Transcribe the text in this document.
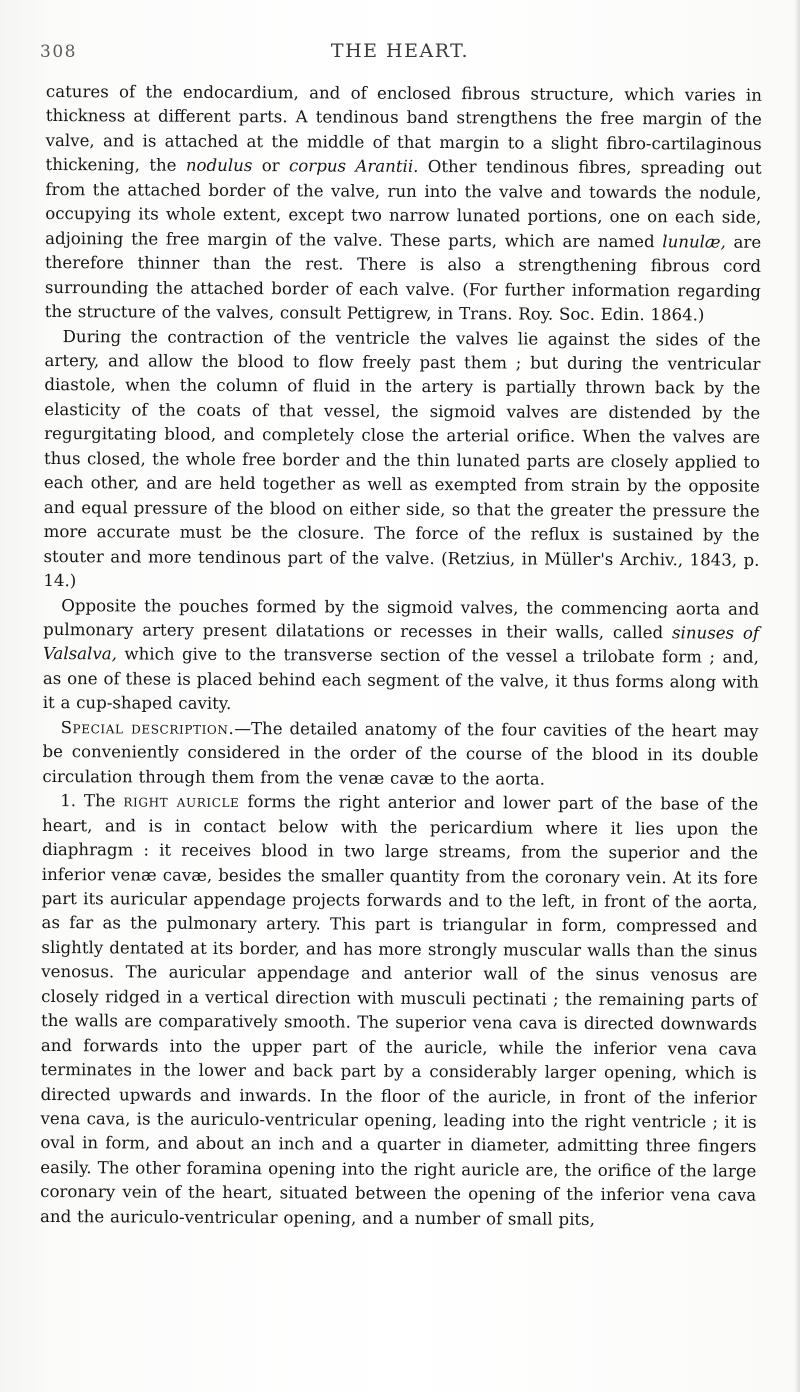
308	THE HEART.

catures of the endocardium, and of enclosed fibrous structure, which varies in thickness at different parts. A tendinous band strengthens the free margin of the valve, and is attached at the middle of that margin to a slight fibro-cartilaginous thickening, the nodulus or corpus Arantii. Other tendinous fibres, spreading out from the attached border of the valve, run into the valve and towards the nodule, occupying its whole extent, except two narrow lunated portions, one on each side, adjoining the free margin of the valve. These parts, which are named lunulæ, are therefore thinner than the rest. There is also a strengthening fibrous cord surrounding the attached border of each valve. (For further information regarding the structure of the valves, consult Pettigrew, in Trans. Roy. Soc. Edin. 1864.)

During the contraction of the ventricle the valves lie against the sides of the artery, and allow the blood to flow freely past them ; but during the ventricular diastole, when the column of fluid in the artery is partially thrown back by the elasticity of the coats of that vessel, the sigmoid valves are distended by the regurgitating blood, and completely close the arterial orifice. When the valves are thus closed, the whole free border and the thin lunated parts are closely applied to each other, and are held together as well as exempted from strain by the opposite and equal pressure of the blood on either side, so that the greater the pressure the more accurate must be the closure. The force of the reflux is sustained by the stouter and more tendinous part of the valve. (Retzius, in Müller's Archiv., 1843, p. 14.)

Opposite the pouches formed by the sigmoid valves, the commencing aorta and pulmonary artery present dilatations or recesses in their walls, called sinuses of Valsalva, which give to the transverse section of the vessel a trilobate form ; and, as one of these is placed behind each segment of the valve, it thus forms along with it a cup-shaped cavity.

Special description.—The detailed anatomy of the four cavities of the heart may be conveniently considered in the order of the course of the blood in its double circulation through them from the venæ cavæ to the aorta.

1. The right auricle forms the right anterior and lower part of the base of the heart, and is in contact below with the pericardium where it lies upon the diaphragm : it receives blood in two large streams, from the superior and the inferior venæ cavæ, besides the smaller quantity from the coronary vein. At its fore part its auricular appendage projects forwards and to the left, in front of the aorta, as far as the pulmonary artery. This part is triangular in form, compressed and slightly dentated at its border, and has more strongly muscular walls than the sinus venosus. The auricular appendage and anterior wall of the sinus venosus are closely ridged in a vertical direction with musculi pectinati ; the remaining parts of the walls are comparatively smooth. The superior vena cava is directed downwards and forwards into the upper part of the auricle, while the inferior vena cava terminates in the lower and back part by a considerably larger opening, which is directed upwards and inwards. In the floor of the auricle, in front of the inferior vena cava, is the auriculo-ventricular opening, leading into the right ventricle ; it is oval in form, and about an inch and a quarter in diameter, admitting three fingers easily. The other foramina opening into the right auricle are, the orifice of the large coronary vein of the heart, situated between the opening of the inferior vena cava and the auriculo-ventricular opening, and a number of small pits,
